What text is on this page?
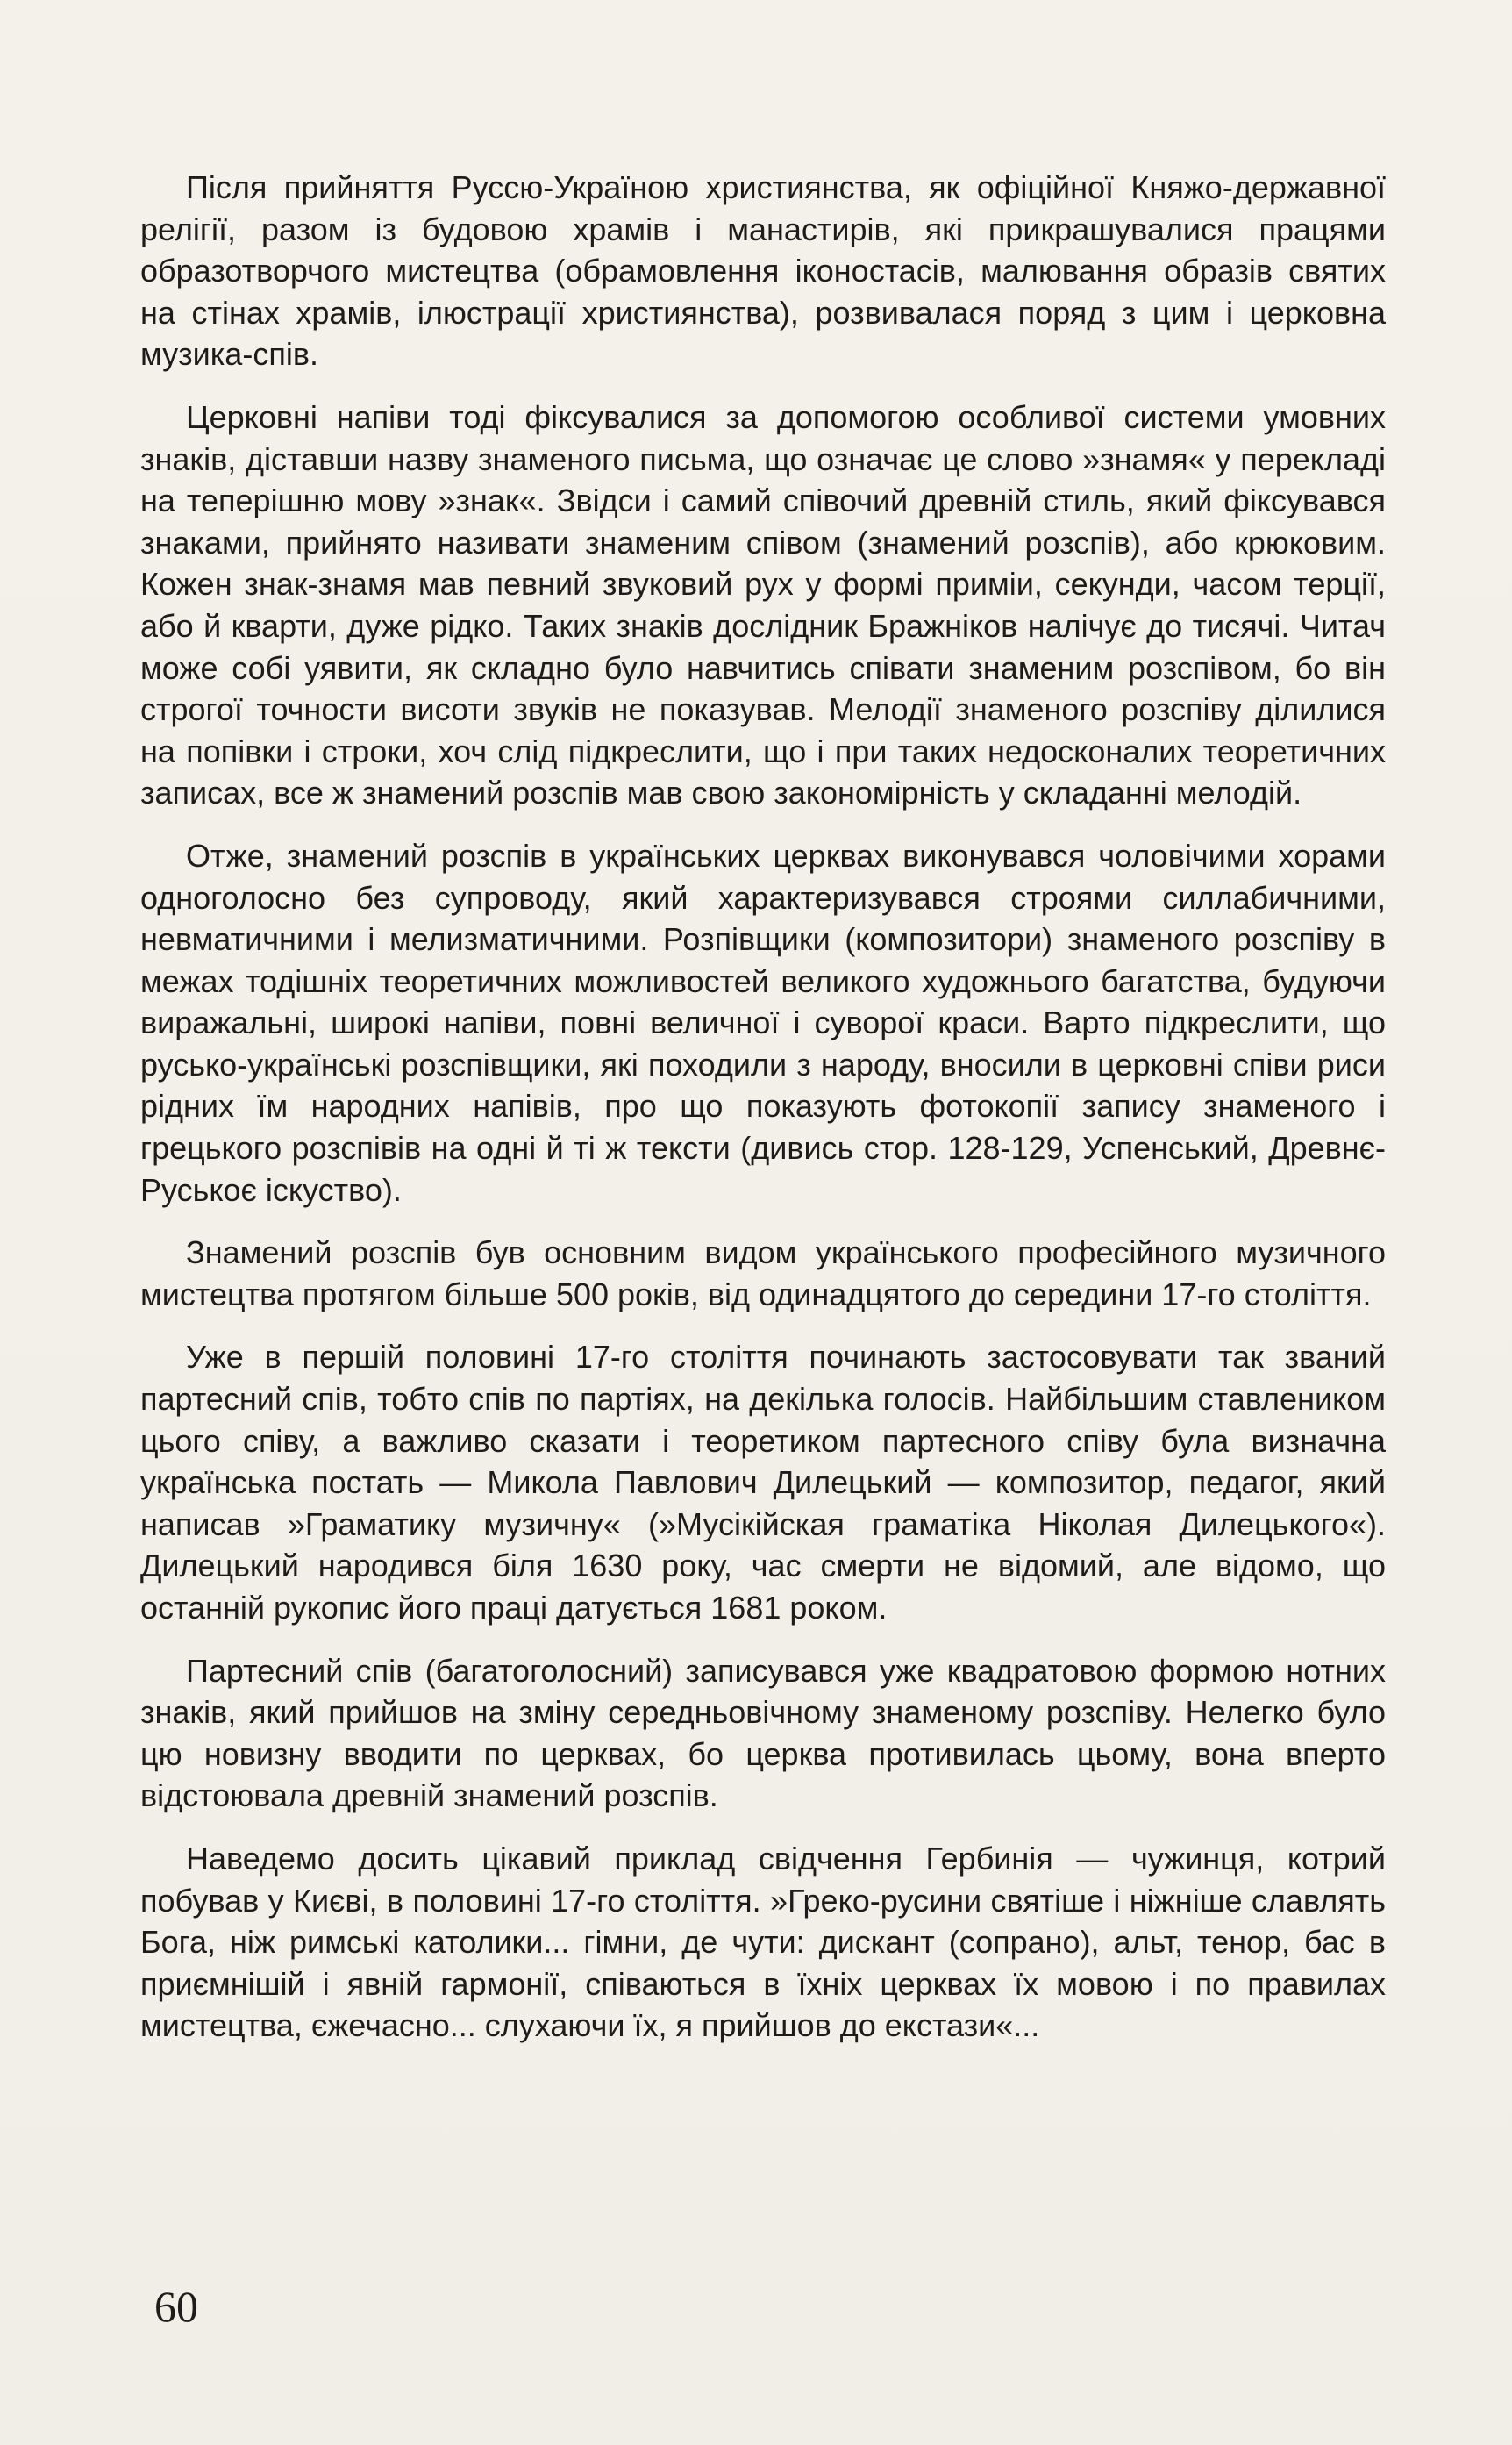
Після прийняття Руссю-Україною християнства, як офіційної Княжо-державної релігії, разом із будовою храмів і манастирів, які прикрашувалися працями образотворчого мистецтва (обрамовлення іконостасів, малювання образів святих на стінах храмів, ілюстрації християнства), розвивалася поряд з цим і церковна музика-спів.

Церковні напіви тоді фіксувалися за допомогою особливої системи умовних знаків, діставши назву знаменого письма, що означає це слово »знамя« у перекладі на теперішню мову »знак«. Звідси і самий співочий древній стиль, який фіксувався знаками, прийнято називати знаменим співом (знамений розспів), або крюковим. Кожен знак-знамя мав певний звуковий рух у формі приміи, секунди, часом терції, або й кварти, дуже рідко. Таких знаків дослідник Бражніков налічує до тисячі. Читач може собі уявити, як складно було навчитись співати знаменим розспівом, бо він строгої точности висоти звуків не показував. Мелодії знаменого розспіву ділилися на попівки і строки, хоч слід підкреслити, що і при таких недосконалих теоретичних записах, все ж знамений розспів мав свою закономірність у складанні мелодій.

Отже, знамений розспів в українських церквах виконувався чоловічими хорами одноголосно без супроводу, який характеризувався строями силлабичними, невматичними і мелизматичними. Розпівщики (композитори) знаменого розспіву в межах тодішніх теоретичних можливостей великого художнього багатства, будуючи виражальні, широкі напіви, повні величної і суворої краси. Варто підкреслити, що русько-українські розспівщики, які походили з народу, вносили в церковні співи риси рідних їм народних напівів, про що показують фотокопії запису знаменого і грецького розспівів на одні й ті ж тексти (дивись стор. 128-129, Успенський, Древнє-Руськоє іскуство).

Знамений розспів був основним видом українського професійного музичного мистецтва протягом більше 500 років, від одинадцятого до середини 17-го століття.

Уже в першій половині 17-го століття починають застосовувати так званий партесний спів, тобто спів по партіях, на декілька голосів. Найбільшим ставлеником цього співу, а важливо сказати і теоретиком партесного співу була визначна українська постать — Микола Павлович Дилецький — композитор, педагог, який написав »Граматику музичну« (»Мусікійская граматіка Ніколая Дилецького«). Дилецький народився біля 1630 року, час смерти не відомий, але відомо, що останній рукопис його праці датується 1681 роком.

Партесний спів (багатоголосний) записувався уже квадратовою формою нотних знаків, який прийшов на зміну середньовічному знаменому розспіву. Нелегко було цю новизну вводити по церквах, бо церква противилась цьому, вона вперто відстоювала древній знамений розспів.

Наведемо досить цікавий приклад свідчення Гербинія — чужинця, котрий побував у Києві, в половині 17-го століття. »Греко-русини святіше і ніжніше славлять Бога, ніж римські католики... гімни, де чути: дискант (сопрано), альт, тенор, бас в приємнішій і явній гармонії, співаються в їхніх церквах їх мовою і по правилах мистецтва, єжечасно... слухаючи їх, я прийшов до екстази«...

60
